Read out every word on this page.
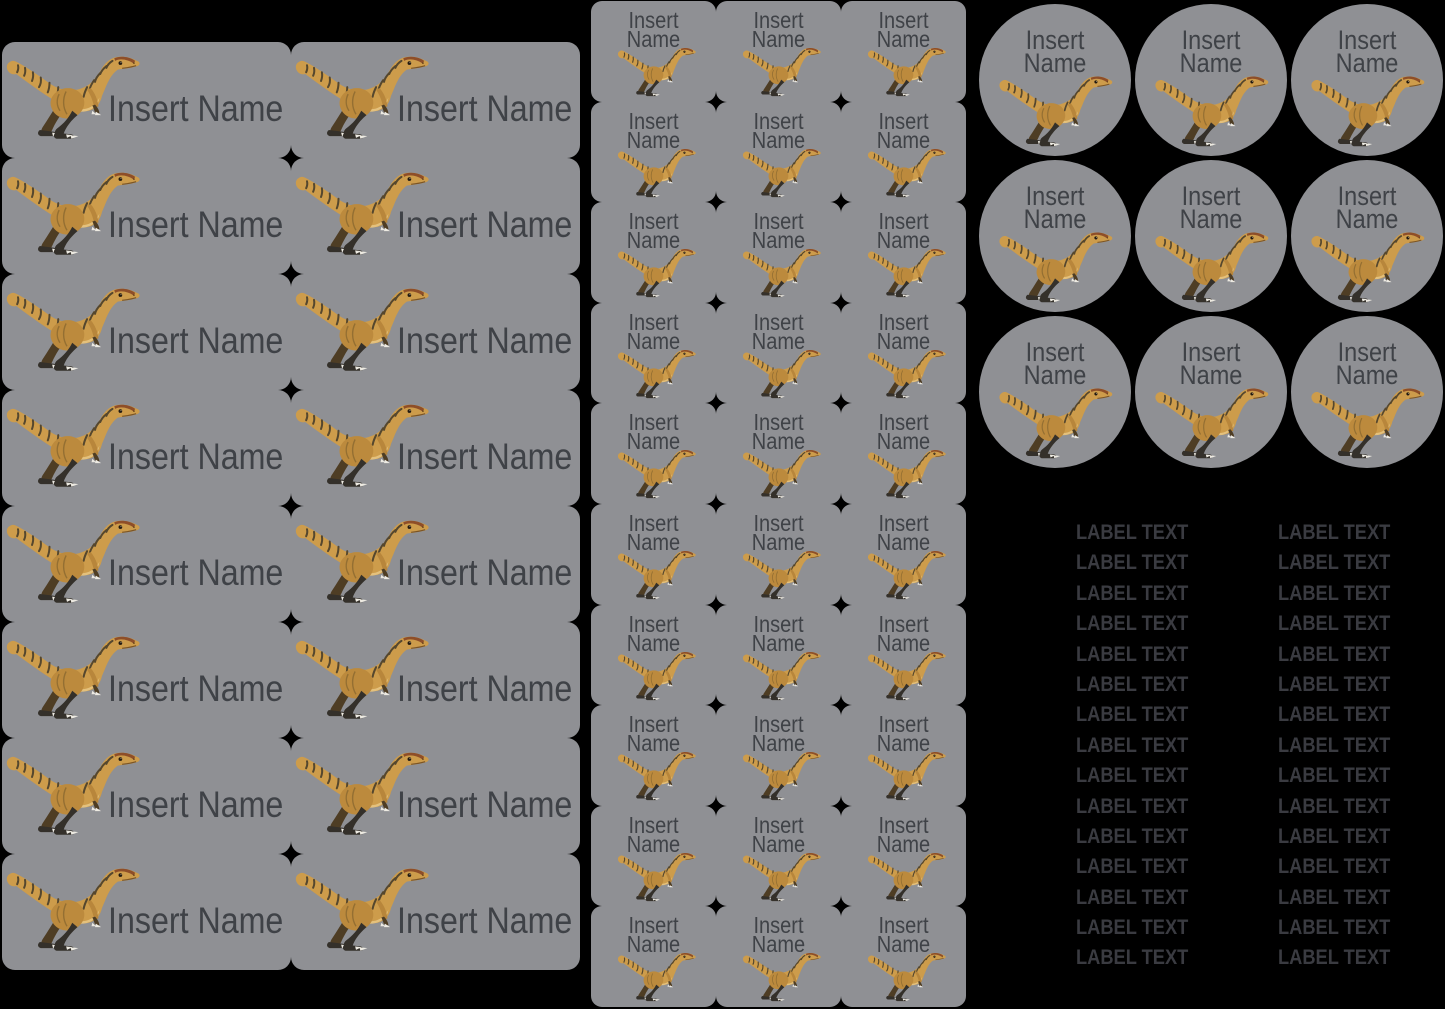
Insert Name	Insert Name
Insert Name	Insert Name
Insert Name	Insert Name
Insert Name	Insert Name
Insert Name	Insert Name
Insert Name	Insert Name
Insert Name	Insert Name
Insert Name	Insert Name
Insert
Name
Insert
Name
Insert
Name
Insert
Name
Insert
Name
Insert
Name
Insert
Name
Insert
Name
Insert
Name
Insert
Name
Insert
Name
Insert
Name
Insert
Name
Insert
Name
Insert
Name
Insert
Name
Insert
Name
Insert
Name
Insert
Name
Insert
Name
Insert
Name
Insert
Name
Insert
Name
Insert
Name
Insert
Name
Insert
Name
Insert
Name
Insert
Name
Insert
Name
Insert
Name
Insert
Name
Insert
Name
Insert
Name
Insert
Name
Insert
Name
Insert
Name
Insert
Name
Insert
Name
Insert
Name
LABEL TEXT	LABEL TEXT
LABEL TEXT	LABEL TEXT
LABEL TEXT	LABEL TEXT
LABEL TEXT	LABEL TEXT
LABEL TEXT	LABEL TEXT
LABEL TEXT	LABEL TEXT
LABEL TEXT	LABEL TEXT
LABEL TEXT	LABEL TEXT
LABEL TEXT	LABEL TEXT
LABEL TEXT	LABEL TEXT
LABEL TEXT	LABEL TEXT
LABEL TEXT	LABEL TEXT
LABEL TEXT	LABEL TEXT
LABEL TEXT	LABEL TEXT
LABEL TEXT	LABEL TEXT
